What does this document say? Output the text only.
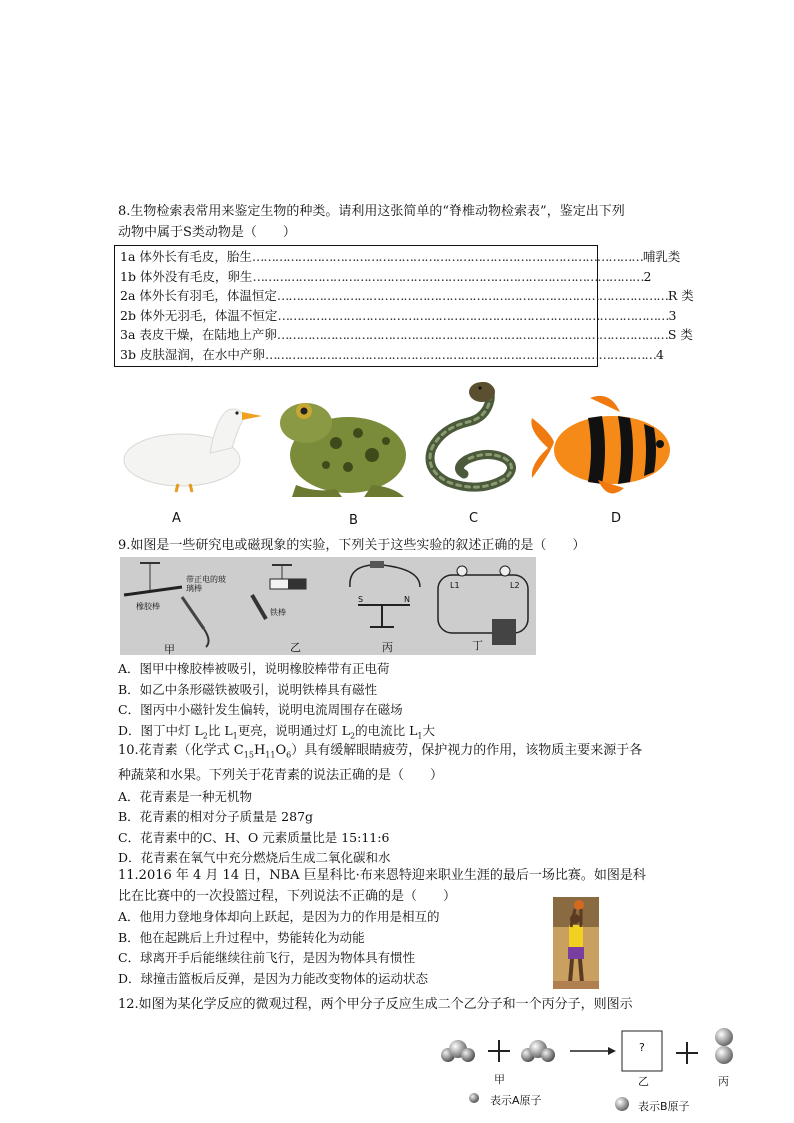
8.生物检索表常用来鉴定生物的种类。请利用这张简单的“脊椎动物检索表”，鉴定出下列
动物中属于S类动物是（　　）
1a 体外长有毛皮，胎生 ………………………………………………………………………………………… 哺乳类
1b 体外没有毛皮，卵生 ………………………………………………………………………………………… 2
2a 体外长有羽毛，体温恒定 ………………………………………………………………………………………… R 类
2b 体外无羽毛，体温不恒定 ………………………………………………………………………………………… 3
3a 表皮干燥，在陆地上产卵 ………………………………………………………………………………………… S 类
3b 皮肤湿润，在水中产卵 ………………………………………………………………………………………… 4
A	B	C	D
9.如图是一些研究电或磁现象的实验，下列关于这些实验的叙述正确的是（　　）
带正电的玻璃棒
橡胶棒
铁棒
S	N
L1	L2
甲	乙	丙	丁
A．图甲中橡胶棒被吸引，说明橡胶棒带有正电荷
B．如乙中条形磁铁被吸引，说明铁棒具有磁性
C．图丙中小磁针发生偏转，说明电流周围存在磁场
D．图丁中灯 $L_2$比 $L_1$更亮，说明通过灯 $L_2$的电流比 $L_1$大
10.花青素（化学式 $C_{15}H_{11}O_6$）具有缓解眼睛疲劳，保护视力的作用，该物质主要来源于各
种蔬菜和水果。下列关于花青素的说法正确的是（　　）
A．花青素是一种无机物
B．花青素的相对分子质量是 287g
C．花青素中的C、H、O 元素质量比是 15:11:6
D．花青素在氧气中充分燃烧后生成二氧化碳和水
11.2016 年 4 月 14 日，NBA 巨星科比·布来恩特迎来职业生涯的最后一场比赛。如图是科
比在比赛中的一次投篮过程，下列说法不正确的是（　　）
A．他用力登地身体却向上跃起，是因为力的作用是相互的
B．他在起跳后上升过程中，势能转化为动能
C．球离开手后能继续往前飞行，是因为物体具有惯性
D．球撞击篮板后反弹，是因为力能改变物体的运动状态
12.如图为某化学反应的微观过程，两个甲分子反应生成二个乙分子和一个丙分子，则图示
?
甲	乙	丙
表示A原子	表示B原子
